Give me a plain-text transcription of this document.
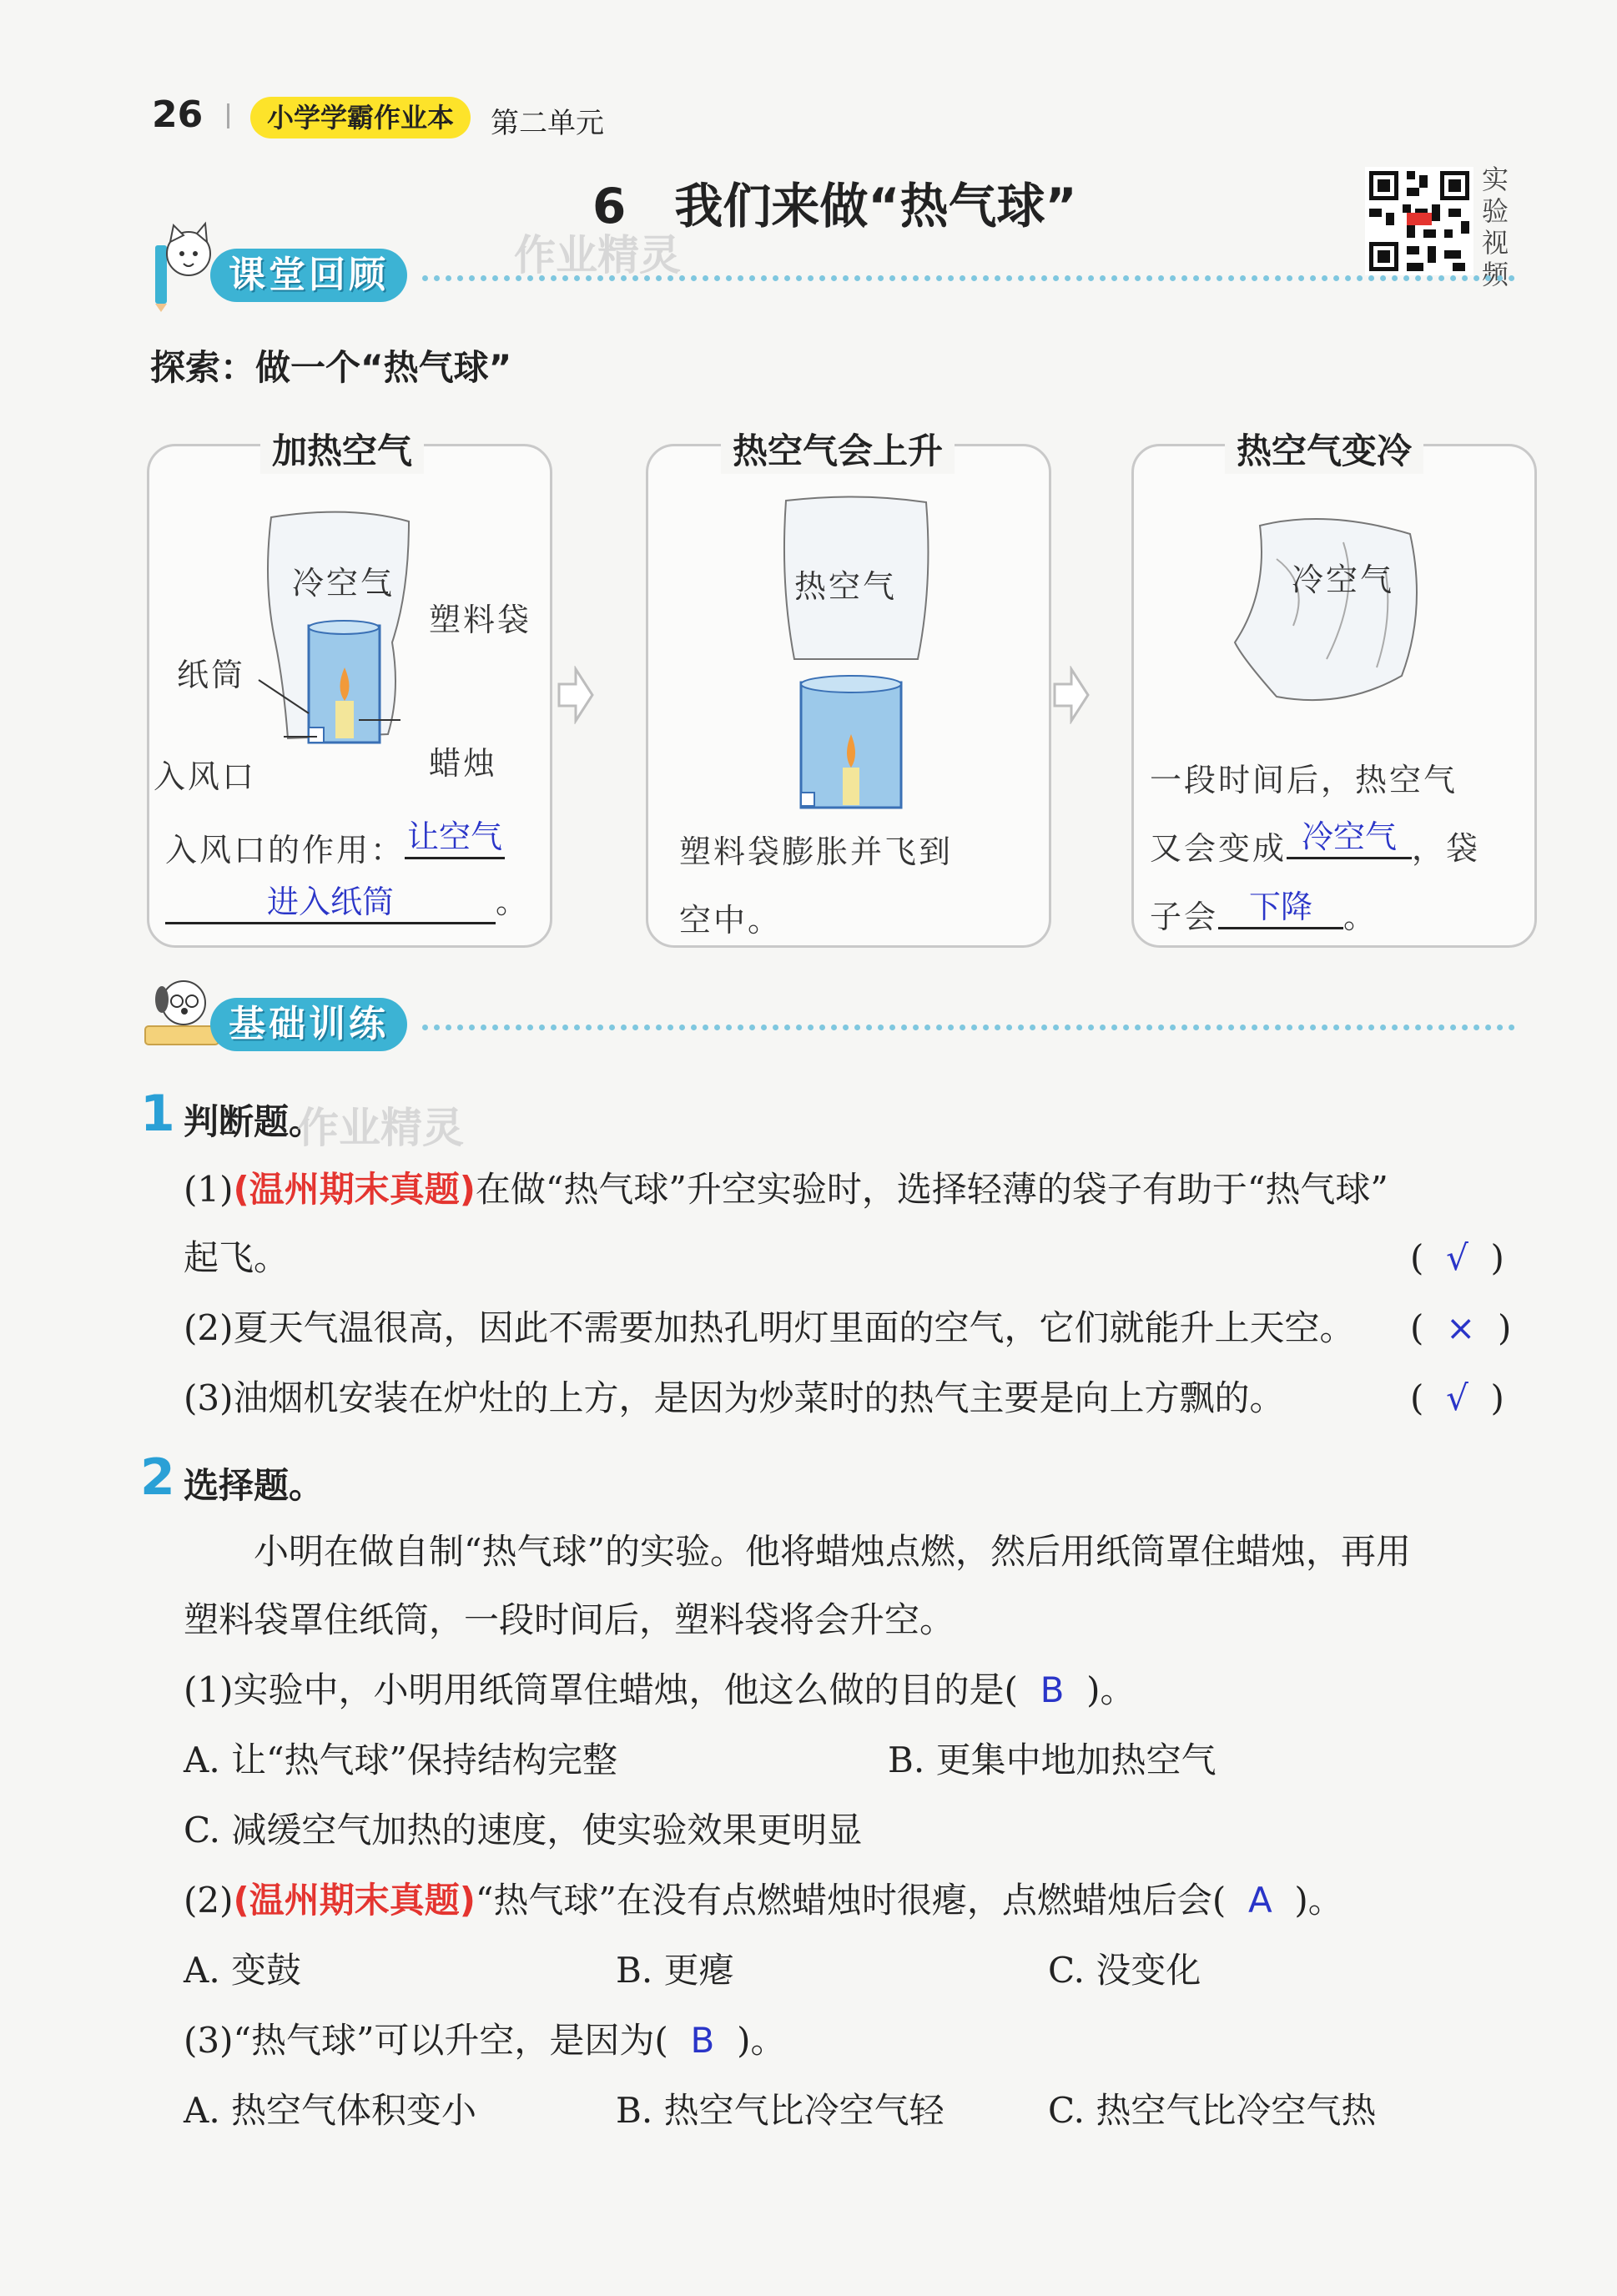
26	小学学霸作业本	第二单元
6　我们来做“热气球”	实
验
视
频
课堂回顾	作业精灵
探索：做一个“热气球”
加热空气
冷空气
塑料袋
纸筒
入风口	蜡烛
入风口的作用：让空气
进入纸筒	。
热空气会上升
热空气
塑料袋膨胀并飞到
空中。
热空气变冷
冷空气
一段时间后，热空气
又会变成 冷空气 ，袋
子会 下降 。
基础训练
1 判断题。
作业精灵
(1)(温州期末真题)在做“热气球”升空实验时，选择轻薄的袋子有助于“热气球”
起飞。	(  √  )
(2)夏天气温很高，因此不需要加热孔明灯里面的空气，它们就能升上天空。 (  ×  )
(3)油烟机安装在炉灶的上方，是因为炒菜时的热气主要是向上方飘的。	(  √  )
2 选择题。
小明在做自制“热气球”的实验。他将蜡烛点燃，然后用纸筒罩住蜡烛，再用
塑料袋罩住纸筒，一段时间后，塑料袋将会升空。
(1)实验中，小明用纸筒罩住蜡烛，他这么做的目的是( B )。
A. 让“热气球”保持结构完整	B. 更集中地加热空气
C. 减缓空气加热的速度，使实验效果更明显
(2)(温州期末真题)“热气球”在没有点燃蜡烛时很瘪，点燃蜡烛后会( A )。
A. 变鼓	B. 更瘪	C. 没变化
(3)“热气球”可以升空，是因为( B )。
A. 热空气体积变小	B. 热空气比冷空气轻	C. 热空气比冷空气热
